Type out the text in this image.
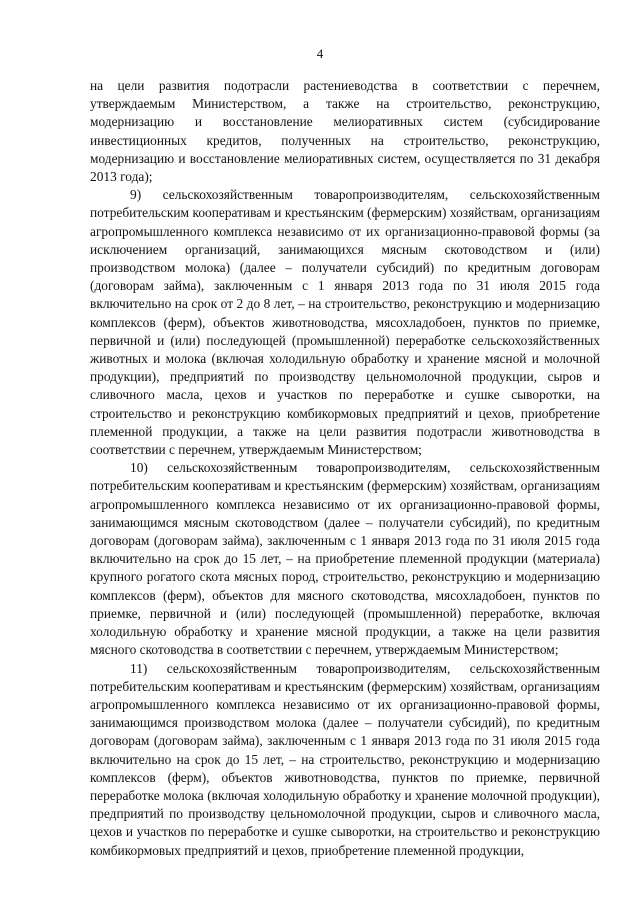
4

на цели развития подотрасли растениеводства в соответствии с перечнем, утверждаемым Министерством, а также на строительство, реконструкцию, модернизацию и восстановление мелиоративных систем (субсидирование инвестиционных кредитов, полученных на строительство, реконструкцию, модернизацию и восстановление мелиоративных систем, осуществляется по 31 декабря 2013 года);

9) сельскохозяйственным товаропроизводителям, сельскохозяйственным потребительским кооперативам и крестьянским (фермерским) хозяйствам, организациям агропромышленного комплекса независимо от их организационно-правовой формы (за исключением организаций, занимающихся мясным скотоводством и (или) производством молока) (далее – получатели субсидий) по кредитным договорам (договорам займа), заключенным с 1 января 2013 года по 31 июля 2015 года включительно на срок от 2 до 8 лет, – на строительство, реконструкцию и модернизацию комплексов (ферм), объектов животноводства, мясохладобоен, пунктов по приемке, первичной и (или) последующей (промышленной) переработке сельскохозяйственных животных и молока (включая холодильную обработку и хранение мясной и молочной продукции), предприятий по производству цельномолочной продукции, сыров и сливочного масла, цехов и участков по переработке и сушке сыворотки, на строительство и реконструкцию комбикормовых предприятий и цехов, приобретение племенной продукции, а также на цели развития подотрасли животноводства в соответствии с перечнем, утверждаемым Министерством;

10) сельскохозяйственным товаропроизводителям, сельскохозяйственным потребительским кооперативам и крестьянским (фермерским) хозяйствам, организациям агропромышленного комплекса независимо от их организационно-правовой формы, занимающимся мясным скотоводством (далее – получатели субсидий), по кредитным договорам (договорам займа), заключенным с 1 января 2013 года по 31 июля 2015 года включительно на срок до 15 лет, – на приобретение племенной продукции (материала) крупного рогатого скота мясных пород, строительство, реконструкцию и модернизацию комплексов (ферм), объектов для мясного скотоводства, мясохладобоен, пунктов по приемке, первичной и (или) последующей (промышленной) переработке, включая холодильную обработку и хранение мясной продукции, а также на цели развития мясного скотоводства в соответствии с перечнем, утверждаемым Министерством;

11) сельскохозяйственным товаропроизводителям, сельскохозяйственным потребительским кооперативам и крестьянским (фермерским) хозяйствам, организациям агропромышленного комплекса независимо от их организационно-правовой формы, занимающимся производством молока (далее – получатели субсидий), по кредитным договорам (договорам займа), заключенным с 1 января 2013 года по 31 июля 2015 года включительно на срок до 15 лет, – на строительство, реконструкцию и модернизацию комплексов (ферм), объектов животноводства, пунктов по приемке, первичной переработке молока (включая холодильную обработку и хранение молочной продукции), предприятий по производству цельномолочной продукции, сыров и сливочного масла, цехов и участков по переработке и сушке сыворотки, на строительство и реконструкцию комбикормовых предприятий и цехов, приобретение племенной продукции,
